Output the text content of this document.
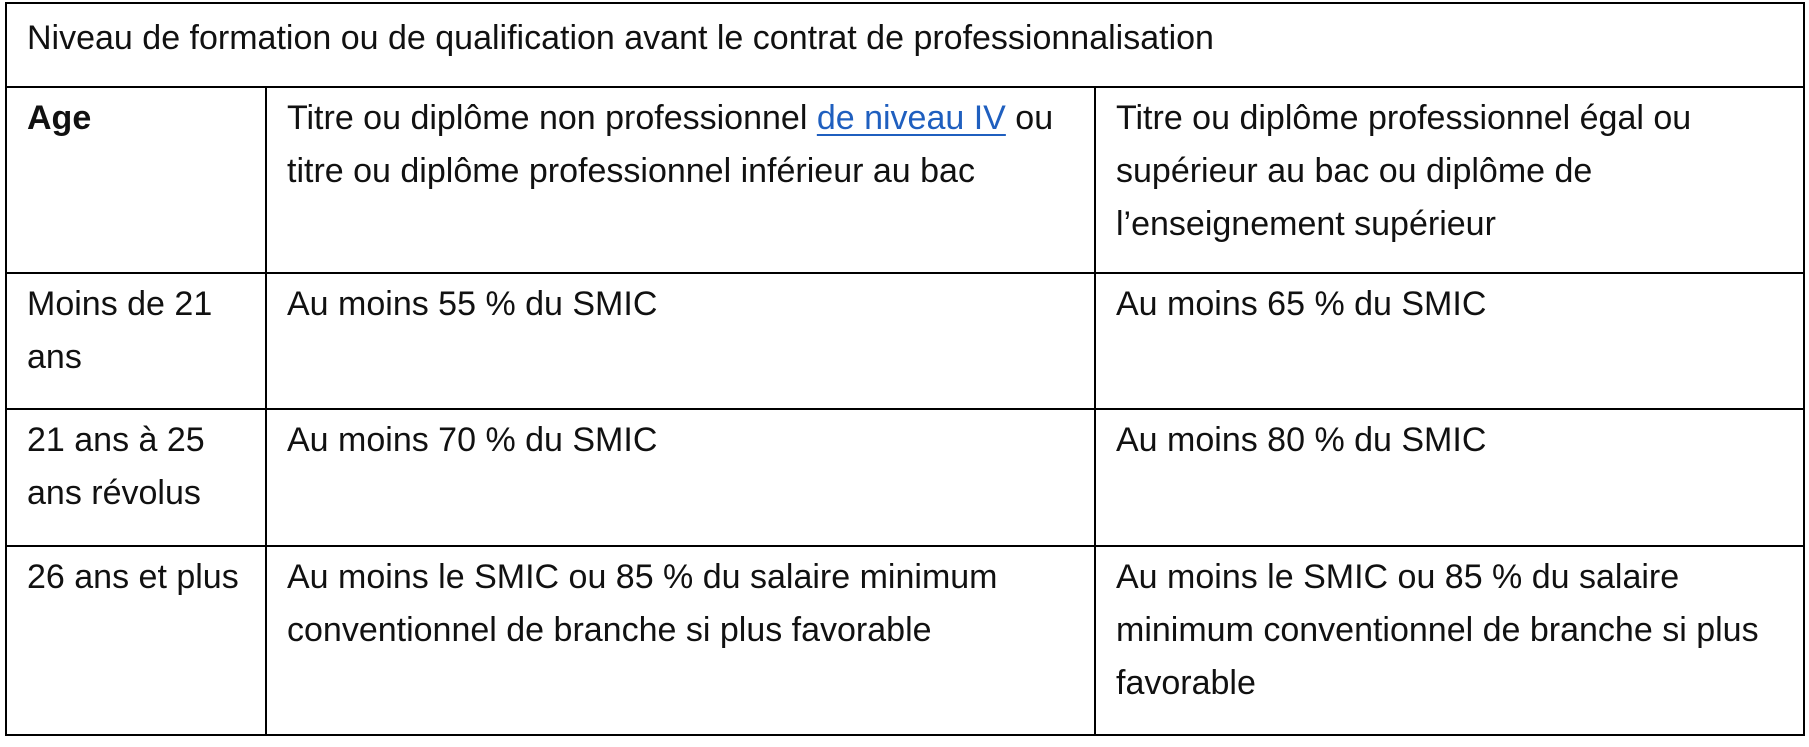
Niveau de formation ou de qualification avant le contrat de professionnalisation		
Age	Titre ou diplôme non professionnel de niveau IV ou titre ou diplôme professionnel inférieur au bac	Titre ou diplôme professionnel égal ou supérieur au bac ou diplôme de l’enseignement supérieur
Moins de 21 ans	Au moins 55 % du SMIC	Au moins 65 % du SMIC
21 ans à 25 ans révolus	Au moins 70 % du SMIC	Au moins 80 % du SMIC
26 ans et plus	Au moins le SMIC ou 85 % du salaire minimum conventionnel de branche si plus favorable	Au moins le SMIC ou 85 % du salaire minimum conventionnel de branche si plus favorable
